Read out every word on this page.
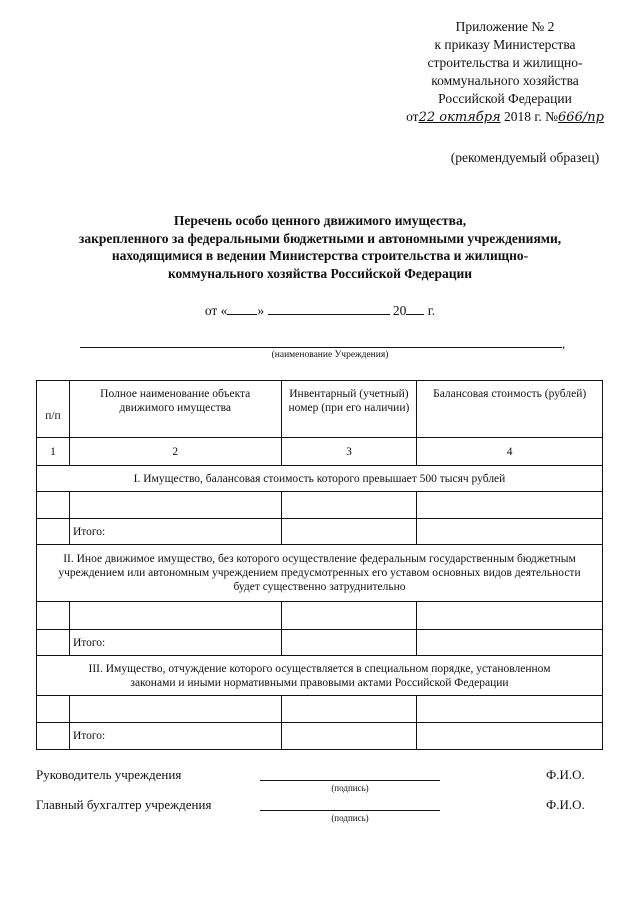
Приложение № 2
к приказу Министерства
строительства и жилищно-
коммунального хозяйства
Российской Федерации
от22 октября 2018 г. №666/пр
(рекомендуемый образец)
Перечень особо ценного движимого имущества,
закрепленного за федеральными бюджетными и автономными учреждениями,
находящимися в ведении Министерства строительства и жилищно-
коммунального хозяйства Российской Федерации
от « »	20 г.
,
(наименование Учреждения)
п/п	Полное наименование объекта движимого имущества	Инвентарный (учетный) номер (при его наличии)	Балансовая стоимость (рублей)
1	2	3	4
I. Имущество, балансовая стоимость которого превышает 500 тысяч рублей			

	Итого:		
II. Иное движимое имущество, без которого осуществление федеральным государственным бюджетным учреждением или автономным учреждением предусмотренных его уставом основных видов деятельности будет существенно затруднительно			

	Итого:		
III. Имущество, отчуждение которого осуществляется в специальном порядке, установленном законами и иными нормативными правовыми актами Российской Федерации			

	Итого:		
Руководитель учреждения
(подпись)
Ф.И.О.
Главный бухгалтер учреждения
(подпись)
Ф.И.О.
